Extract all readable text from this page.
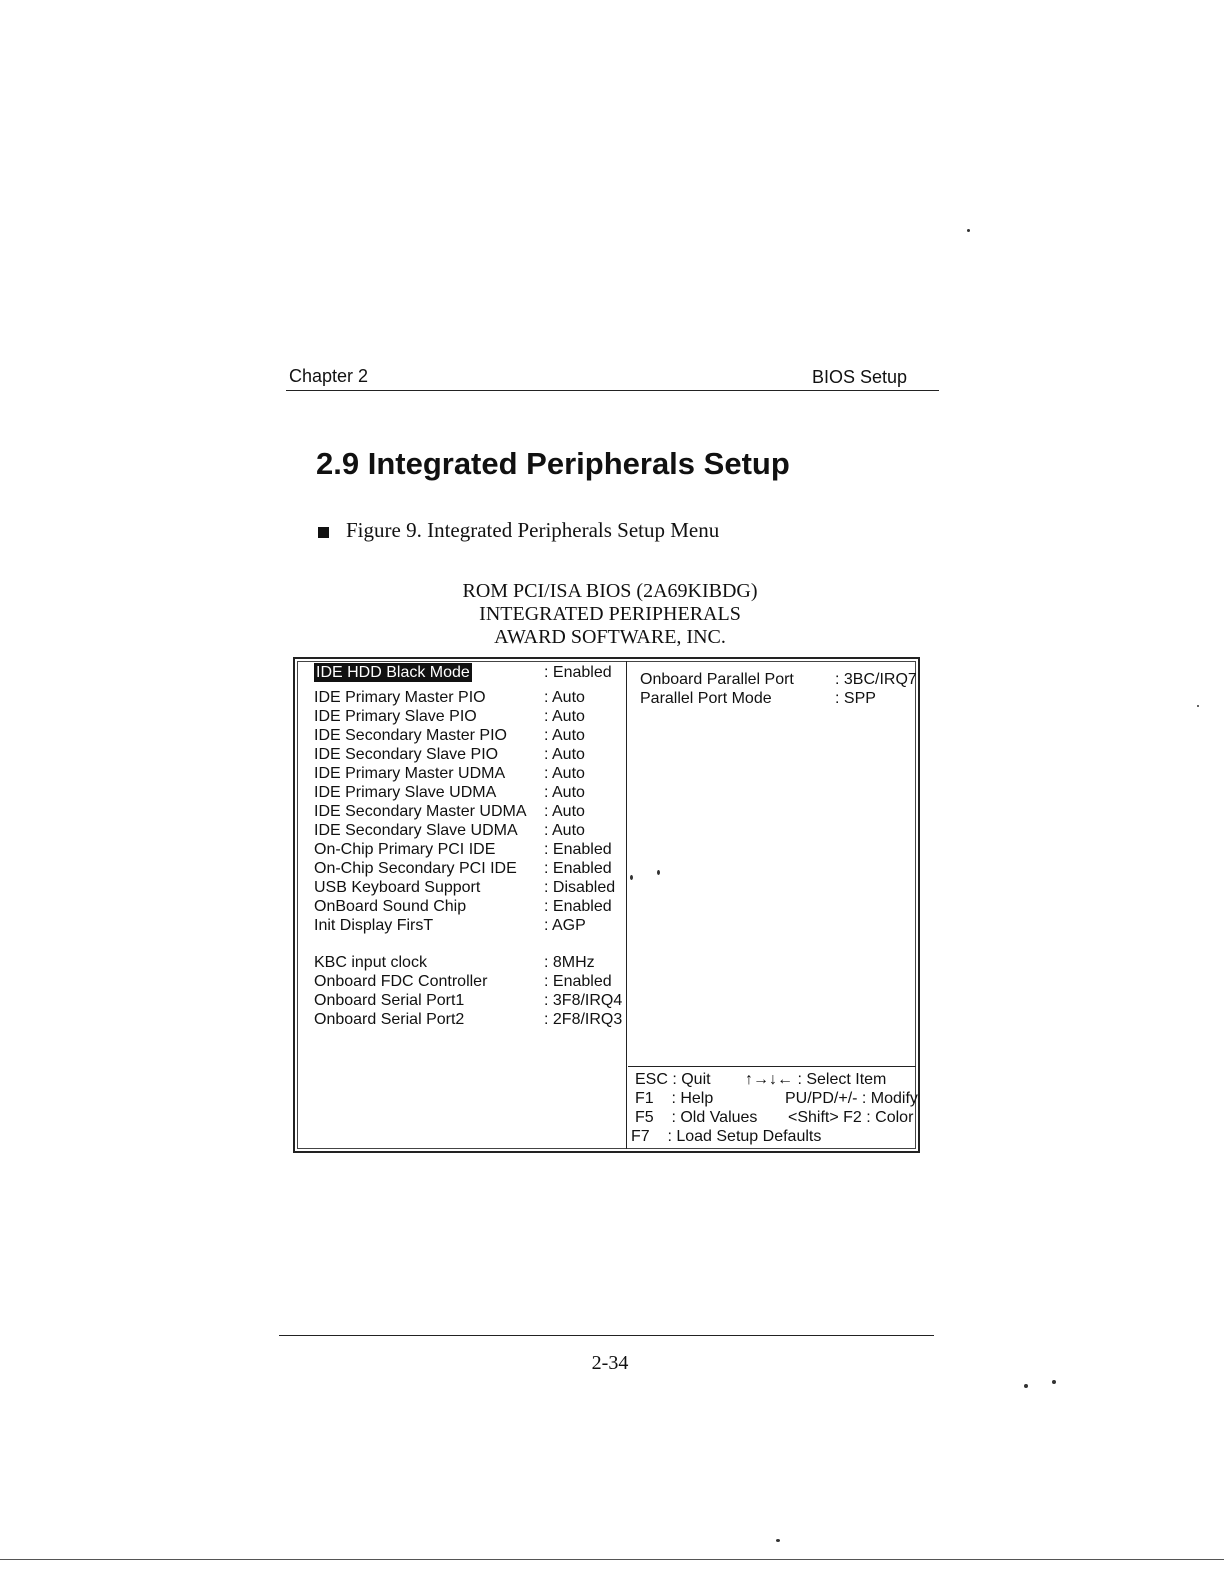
Chapter 2	BIOS Setup
2.9 Integrated Peripherals Setup
Figure 9. Integrated Peripherals Setup Menu
ROM PCI/ISA BIOS (2A69KIBDG)
INTEGRATED PERIPHERALS
AWARD SOFTWARE, INC.
IDE HDD Black Mode	: Enabled
IDE Primary Master PIO	: Auto
IDE Primary Slave PIO	: Auto
IDE Secondary Master PIO : Auto
IDE Secondary Slave PIO	: Auto
IDE Primary Master UDMA : Auto
IDE Primary Slave UDMA	: Auto
IDE Secondary Master UDMA : Auto
IDE Secondary Slave UDMA : Auto
On-Chip Primary PCI IDE	: Enabled
On-Chip Secondary PCI IDE : Enabled
USB Keyboard Support	: Disabled
OnBoard Sound Chip	: Enabled
Init Display FirsT	: AGP
KBC input clock	: 8MHz
Onboard FDC Controller	: Enabled
Onboard Serial Port1	: 3F8/IRQ4
Onboard Serial Port2	: 2F8/IRQ3
Onboard Parallel Port	: 3BC/IRQ7
Parallel Port Mode	: SPP
ESC : Quit ↑→↓← : Select Item
F1    : Help	PU/PD/+/- : Modify
F5    : Old Values <Shift> F2 : Color
F7    : Load Setup Defaults
2-34
